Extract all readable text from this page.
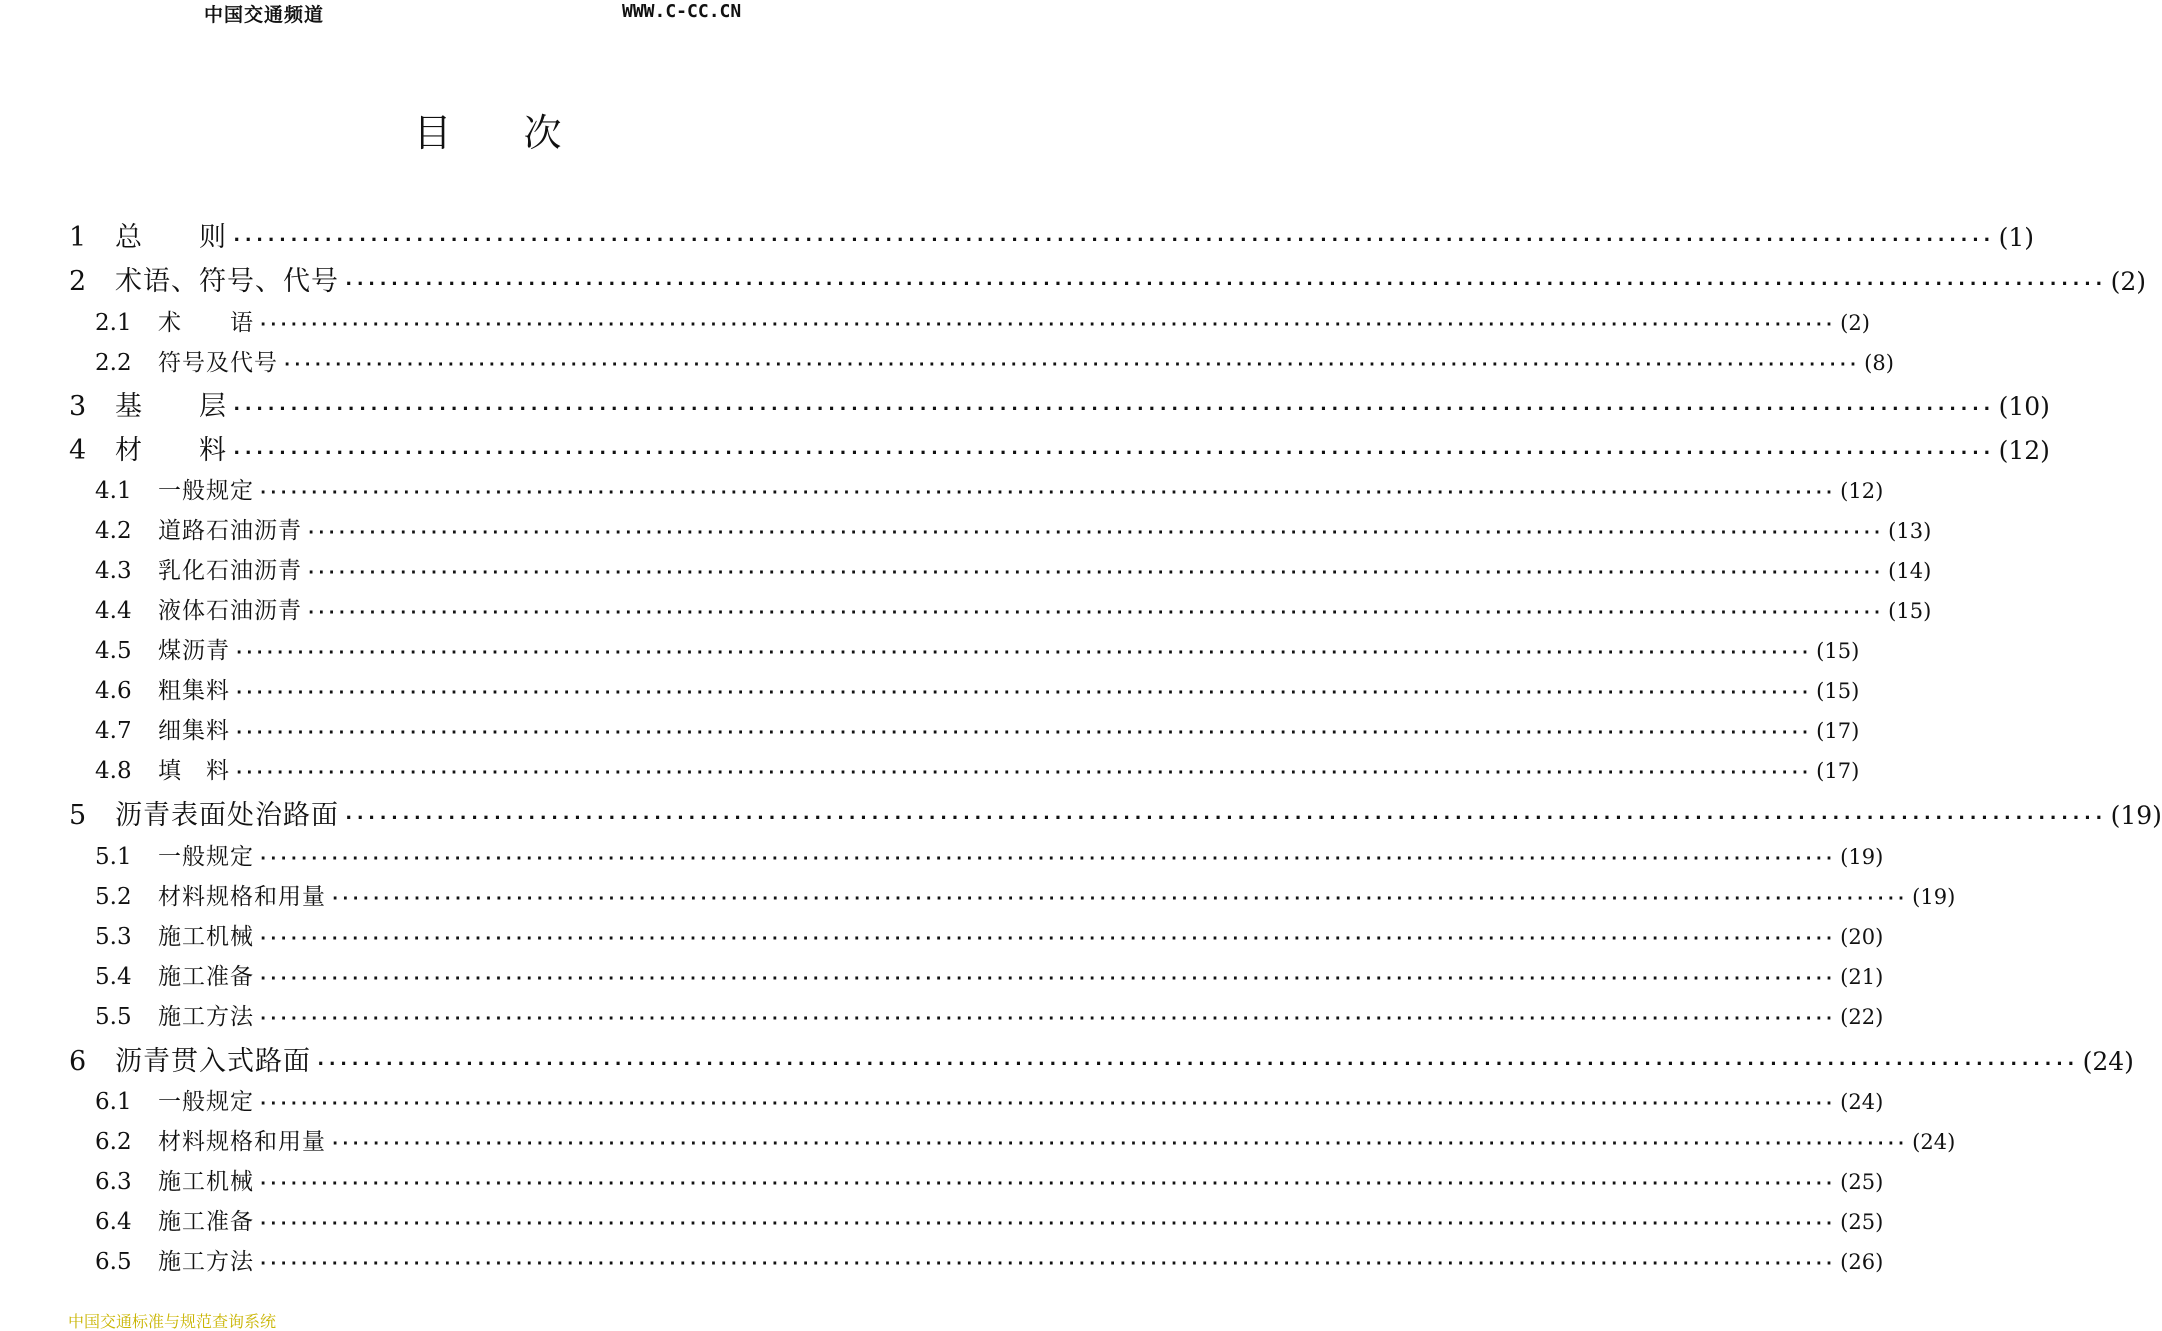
中国交通频道	WWW.C-CC.CN
目 次
1	总　　则 ·····	(1)
2	术语、符号、代号 ·····	(2)
2.1	术　　语 ·····	(2)
2.2	符号及代号 ·····	(8)
3	基　　层 ·····	(10)
4	材　　料 ·····	(12)
4.1	一般规定 ·····	(12)
4.2	道路石油沥青 ·····	(13)
4.3	乳化石油沥青 ·····	(14)
4.4	液体石油沥青 ·····	(15)
4.5	煤沥青 ·····	(15)
4.6	粗集料 ·····	(15)
4.7	细集料 ·····	(17)
4.8	填　料 ·····	(17)
5	沥青表面处治路面 ·····	(19)
5.1	一般规定 ·····	(19)
5.2	材料规格和用量 ·····	(19)
5.3	施工机械 ·····	(20)
5.4	施工准备 ·····	(21)
5.5	施工方法 ·····	(22)
6	沥青贯入式路面 ·····	(24)
6.1	一般规定 ·····	(24)
6.2	材料规格和用量 ·····	(24)
6.3	施工机械 ·····	(25)
6.4	施工准备 ·····	(25)
6.5	施工方法 ·····	(26)
中国交通标准与规范查询系统
